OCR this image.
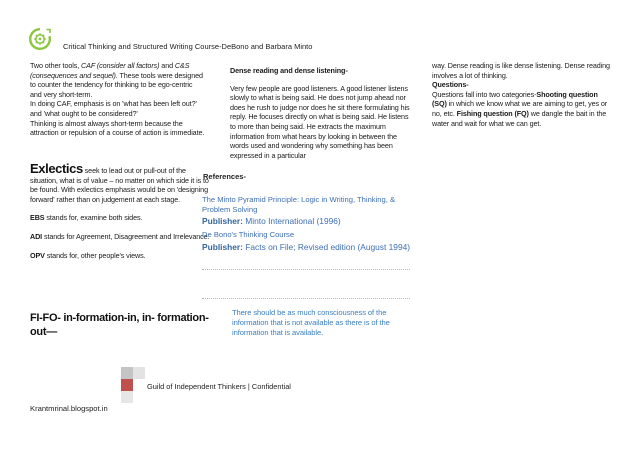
Critical Thinking and Structured Writing Course-DeBono and Barbara Minto

Two other tools, CAF (consider all factors) and C&S (consequences and sequel). These tools were designed to counter the tendency for thinking to be ego-centric and very short-term.

In doing CAF, emphasis is on 'what has been left out?' and 'what ought to be considered?'

Thinking is almost always short-term because the attraction or repulsion of a course of action is immediate.

Dense reading and dense listening-

Very few people are good listeners. A good listener listens slowly to what is being said. He does not jump ahead nor does he rush to judge nor does he sit there formulating his reply. He focuses directly on what is being said. He listens to more than being said. He extracts the maximum information from what hears by looking in between the words used and wondering why something has been expressed in a particular

way. Dense reading is like dense listening. Dense reading involves a lot of thinking.

Questions-

Questions fall into two categories-Shooting question (SQ) in which we know what we are aiming to get, yes or no, etc. Fishing question (FQ) we dangle the bait in the water and wait for what we can get.

Exlectics seek to lead out or pull-out of the situation, what is of value – no matter on which side it is to be found. With exlectics emphasis would be on 'designing forward' rather than on judgement at each stage.

EBS stands for, examine both sides.

ADI stands for Agreement, Disagreement and Irrelevance.

OPV stands for, other people's views.

References-
The Minto Pyramid Principle: Logic in Writing, Thinking, & Problem Solving
Publisher: Minto International (1996)
De Bono's Thinking Course
Publisher: Facts on File; Revised edition (August 1994)
FI-FO- in-formation-in, in- formation-out—
There should be as much consciousness of the information that is not available as there is of the information that is available.
Guild of Independent Thinkers | Confidential
Krantmrinal.blogspot.in
